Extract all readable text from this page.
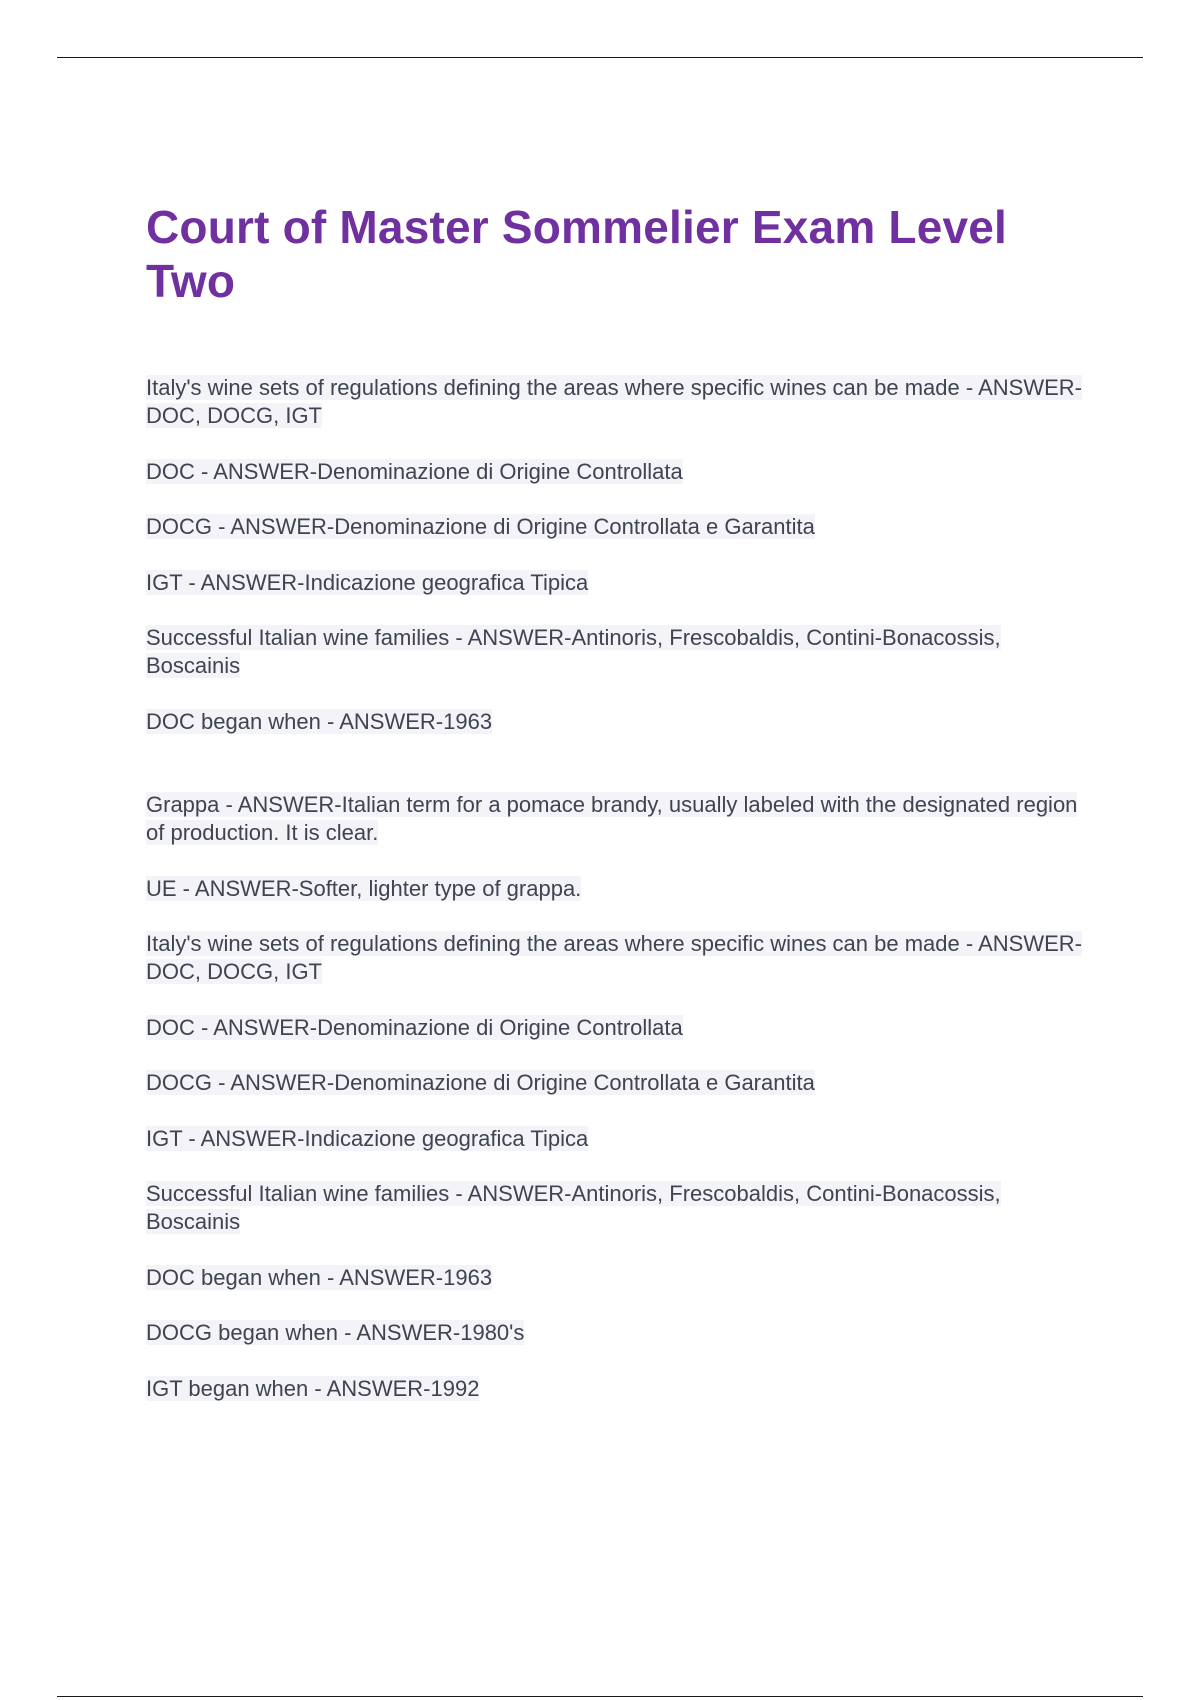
Court of Master Sommelier Exam Level Two
Italy's wine sets of regulations defining the areas where specific wines can be made - ANSWER-DOC, DOCG, IGT
DOC - ANSWER-Denominazione di Origine Controllata
DOCG - ANSWER-Denominazione di Origine Controllata e Garantita
IGT - ANSWER-Indicazione geografica Tipica
Successful Italian wine families - ANSWER-Antinoris, Frescobaldis, Contini-Bonacossis, Boscainis
DOC began when - ANSWER-1963
Grappa - ANSWER-Italian term for a pomace brandy, usually labeled with the designated region of production. It is clear.
UE - ANSWER-Softer, lighter type of grappa.
Italy's wine sets of regulations defining the areas where specific wines can be made - ANSWER-DOC, DOCG, IGT
DOC - ANSWER-Denominazione di Origine Controllata
DOCG - ANSWER-Denominazione di Origine Controllata e Garantita
IGT - ANSWER-Indicazione geografica Tipica
Successful Italian wine families - ANSWER-Antinoris, Frescobaldis, Contini-Bonacossis, Boscainis
DOC began when - ANSWER-1963
DOCG began when - ANSWER-1980's
IGT began when - ANSWER-1992
